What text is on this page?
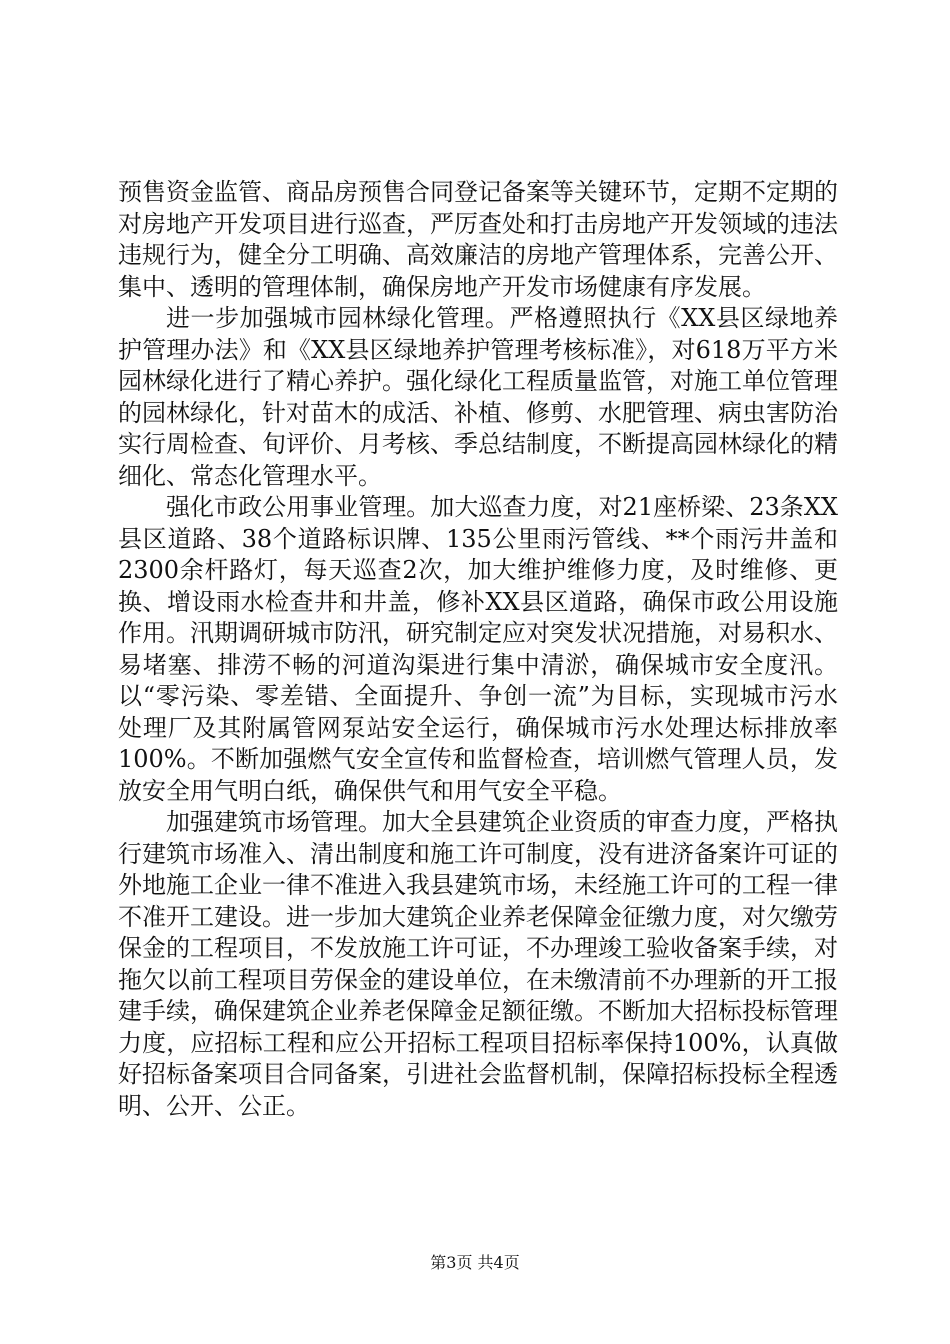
预售资金监管、商品房预售合同登记备案等关键环节，定期不定期的对房地产开发项目进行巡查，严厉查处和打击房地产开发领域的违法违规行为，健全分工明确、高效廉洁的房地产管理体系，完善公开、集中、透明的管理体制，确保房地产开发市场健康有序发展。

进一步加强城市园林绿化管理。严格遵照执行《XX县区绿地养护管理办法》和《XX县区绿地养护管理考核标准》，对618万平方米园林绿化进行了精心养护。强化绿化工程质量监管，对施工单位管理的园林绿化，针对苗木的成活、补植、修剪、水肥管理、病虫害防治实行周检查、旬评价、月考核、季总结制度，不断提高园林绿化的精细化、常态化管理水平。

强化市政公用事业管理。加大巡查力度，对21座桥梁、23条XX县区道路、38个道路标识牌、135公里雨污管线、**个雨污井盖和2300余杆路灯，每天巡查2次，加大维护维修力度，及时维修、更换、增设雨水检查井和井盖，修补XX县区道路，确保市政公用设施作用。汛期调研城市防汛，研究制定应对突发状况措施，对易积水、易堵塞、排涝不畅的河道沟渠进行集中清淤，确保城市安全度汛。以“零污染、零差错、全面提升、争创一流”为目标，实现城市污水处理厂及其附属管网泵站安全运行，确保城市污水处理达标排放率100%。不断加强燃气安全宣传和监督检查，培训燃气管理人员，发放安全用气明白纸，确保供气和用气安全平稳。

加强建筑市场管理。加大全县建筑企业资质的审查力度，严格执行建筑市场准入、清出制度和施工许可制度，没有进济备案许可证的外地施工企业一律不准进入我县建筑市场，未经施工许可的工程一律不准开工建设。进一步加大建筑企业养老保障金征缴力度，对欠缴劳保金的工程项目，不发放施工许可证，不办理竣工验收备案手续，对拖欠以前工程项目劳保金的建设单位，在未缴清前不办理新的开工报建手续，确保建筑企业养老保障金足额征缴。不断加大招标投标管理力度，应招标工程和应公开招标工程项目招标率保持100%，认真做好招标备案项目合同备案，引进社会监督机制，保障招标投标全程透明、公开、公正。

第3页 共4页
